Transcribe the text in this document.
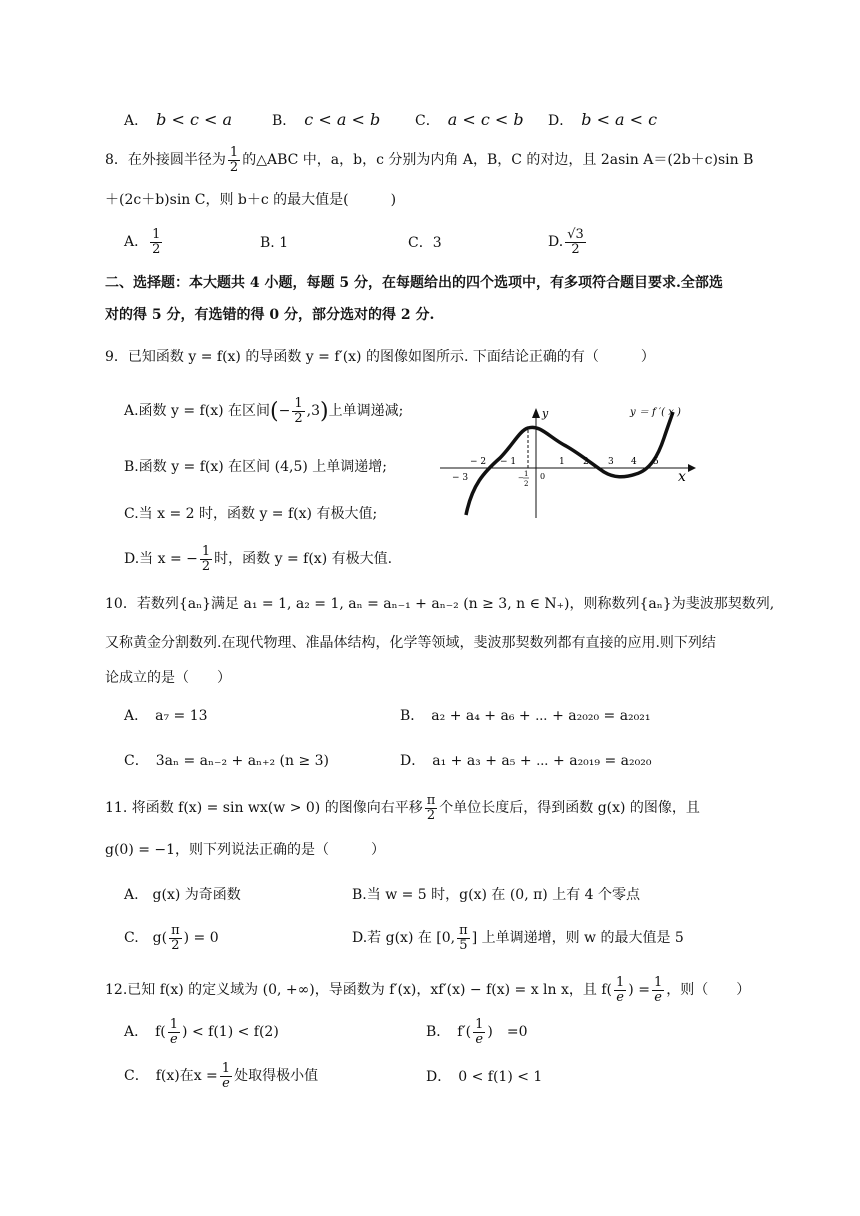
A． b < c < a	B． c < a < b C． a < c < b D． b < a < c
8．在外接圆半径为 $\frac{1}{2}$ 的△ABC 中，a，b，c 分别为内角 A，B，C 的对边，且 2asin A＝(2b＋c)sin B
＋(2c＋b)sin C，则 b＋c 的最大值是(　　　)
A． $\frac{1}{2}$	B. 1	C．3	D. $\frac{√3}{2}$
二、选择题：本大题共 4 小题，每题 5 分，在每题给出的四个选项中，有多项符合题目要求.全部选
对的得 5 分，有选错的得 0 分，部分选对的得 2 分.
9．已知函数 y = f(x) 的导函数 y = f′(x) 的图像如图所示. 下面结论正确的有（　　　）
A.函数 y = f(x) 在区间(− $\frac{1}{2} ,3$)上单调递减;
B.函数 y = f(x) 在区间 (4,5) 上单调递增;
C.当 x = 2 时，函数 y = f(x) 有极大值;
D.当 x = − $\frac{1}{2}$ 时，函数 y = f(x) 有极大值.
y ＝ f ′( x )
y
x
− 2 − 1	1 2 3 4 5
− 3	− 1
2
0
10．若数列{aₙ}满足 a₁ = 1, a₂ = 1, aₙ = aₙ₋₁ + aₙ₋₂ (n ≥ 3, n ∈ N₊)，则称数列{aₙ}为斐波那契数列,
又称黄金分割数列.在现代物理、准晶体结构，化学等领域，斐波那契数列都有直接的应用.则下列结
论成立的是（　　）
A．　a₇ = 13	B．　a₂ + a₄ + a₆ + ⋯ + a₂₀₂₀ = a₂₀₂₁
C．　3aₙ = aₙ₋₂ + aₙ₊₂ (n ≥ 3)	D．　a₁ + a₃ + a₅ + ⋯ + a₂₀₁₉ = a₂₀₂₀
11. 将函数 f(x) = sin wx(w > 0) 的图像向右平移 $\frac{\pi}{2}$ 个单位长度后，得到函数 g(x) 的图像，且
g(0) = −1，则下列说法正确的是（　　　）
A.　g(x) 为奇函数	B.当 w = 5 时，g(x) 在 (0, π) 上有 4 个零点
C.　$g( \frac{\pi}{2}$ ) = 0	D.若 g(x) 在 [0, $\frac{\pi}{5}$ ] 上单调递增，则 w 的最大值是 5
12.已知 f(x) 的定义域为 (0, +∞)，导函数为 f′(x)，xf′(x) − f(x) = x ln x，且 $f( \frac{1}{e}$ ) = $\frac{1}{e}$ ，则（　　）
A．　$f( \frac{1}{e}$ ) < f(1) < f(2)	B．　$f'( \frac{1}{e}$ )　=0
C．　f(x)在$x = \frac{1}{e}$ 处取得极小值	D．　0 < f(1) < 1
